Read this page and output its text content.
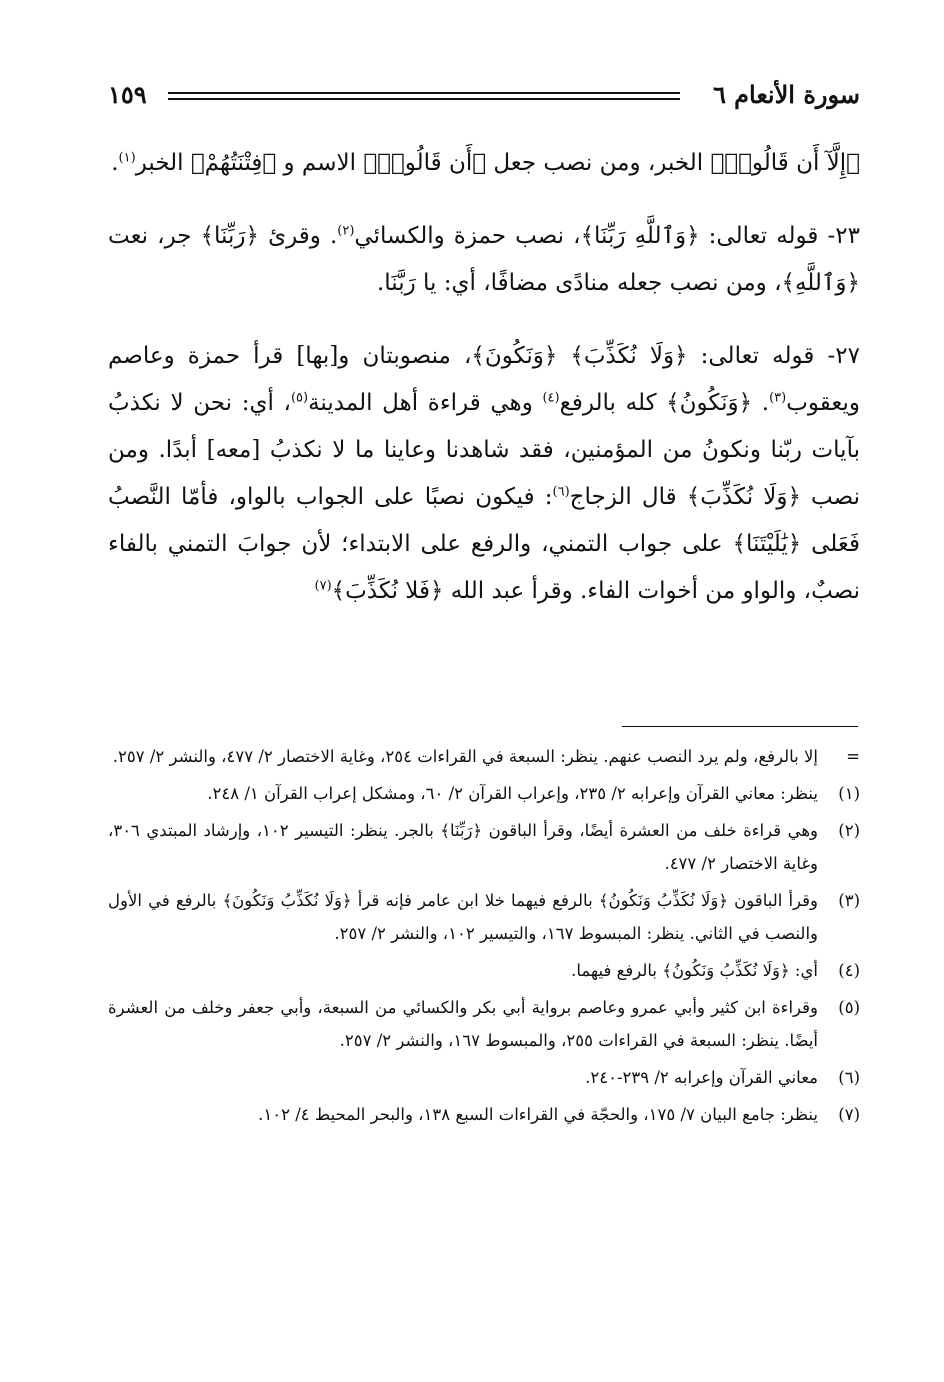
سورة الأنعام ٦
١٥٩

﴿إِلَّآ أَن قَالُوا۟﴾ الخبر، ومن نصب جعل ﴿أَن قَالُوا۟﴾ الاسم و ﴿فِتْنَتُهُمْ﴾ الخبر$^{(١)}$.

٢٣- قوله تعالى: ﴿وَٱللَّهِ رَبِّنَا﴾، نصب حمزة والكسائي$^{(٢)}$. وقرئ ﴿رَبِّنَا﴾ جر، نعت ﴿وَٱللَّهِ﴾، ومن نصب جعله منادًى مضافًا، أي: يا رَبَّنَا.

٢٧- قوله تعالى: ﴿وَلَا نُكَذِّبَ﴾ ﴿وَنَكُونَ﴾، منصوبتان و[بها] قرأ حمزة وعاصم ويعقوب$^{(٣)}$. ﴿وَنَكُونُ﴾ كله بالرفع$^{(٤)}$ وهي قراءة أهل المدينة$^{(٥)}$، أي: نحن لا نكذبُ بآيات ربّنا ونكونُ من المؤمنين، فقد شاهدنا وعاينا ما لا نكذبُ [معه] أبدًا. ومن نصب ﴿وَلَا نُكَذِّبَ﴾ قال الزجاج$^{(٦)}$: فيكون نصبًا على الجواب بالواو، فأمّا النَّصبُ فَعَلى ﴿يَٰلَيْتَنَا﴾ على جواب التمني، والرفع على الابتداء؛ لأن جوابَ التمني بالفاء نصبٌ، والواو من أخوات الفاء. وقرأ عبد الله ﴿فَلا نُكَذِّبَ﴾$^{(٧)}$

=
إلا بالرفع، ولم يرد النصب عنهم. ينظر: السبعة في القراءات ٢٥٤، وغاية الاختصار ٢/ ٤٧٧، والنشر ٢/ ٢٥٧.
(١)
ينظر: معاني القرآن وإعرابه ٢/ ٢٣٥، وإعراب القرآن ٢/ ٦٠، ومشكل إعراب القرآن ١/ ٢٤٨.
(٢)
وهي قراءة خلف من العشرة أيضًا، وقرأ الباقون ﴿رَبِّنَا﴾ بالجر. ينظر: التيسير ١٠٢، وإرشاد المبتدي ٣٠٦، وغاية الاختصار ٢/ ٤٧٧.
(٣)
وقرأ الباقون ﴿وَلَا نُكَذِّبُ وَنَكُونُ﴾ بالرفع فيهما خلا ابن عامر فإنه قرأ ﴿وَلَا نُكَذِّبُ وَنَكُونَ﴾ بالرفع في الأول والنصب في الثاني. ينظر: المبسوط ١٦٧، والتيسير ١٠٢، والنشر ٢/ ٢٥٧.
(٤)
أي: ﴿وَلَا نُكَذِّبُ وَنَكُونُ﴾ بالرفع فيهما.
(٥)
وقراءة ابن كثير وأبي عمرو وعاصم برواية أبي بكر والكسائي من السبعة، وأبي جعفر وخلف من العشرة أيضًا. ينظر: السبعة في القراءات ٢٥٥، والمبسوط ١٦٧، والنشر ٢/ ٢٥٧.
(٦)
معاني القرآن وإعرابه ٢/ ٢٣٩-٢٤٠.
(٧)
ينظر: جامع البيان ٧/ ١٧٥، والحجّة في القراءات السبع ١٣٨، والبحر المحيط ٤/ ١٠٢.
